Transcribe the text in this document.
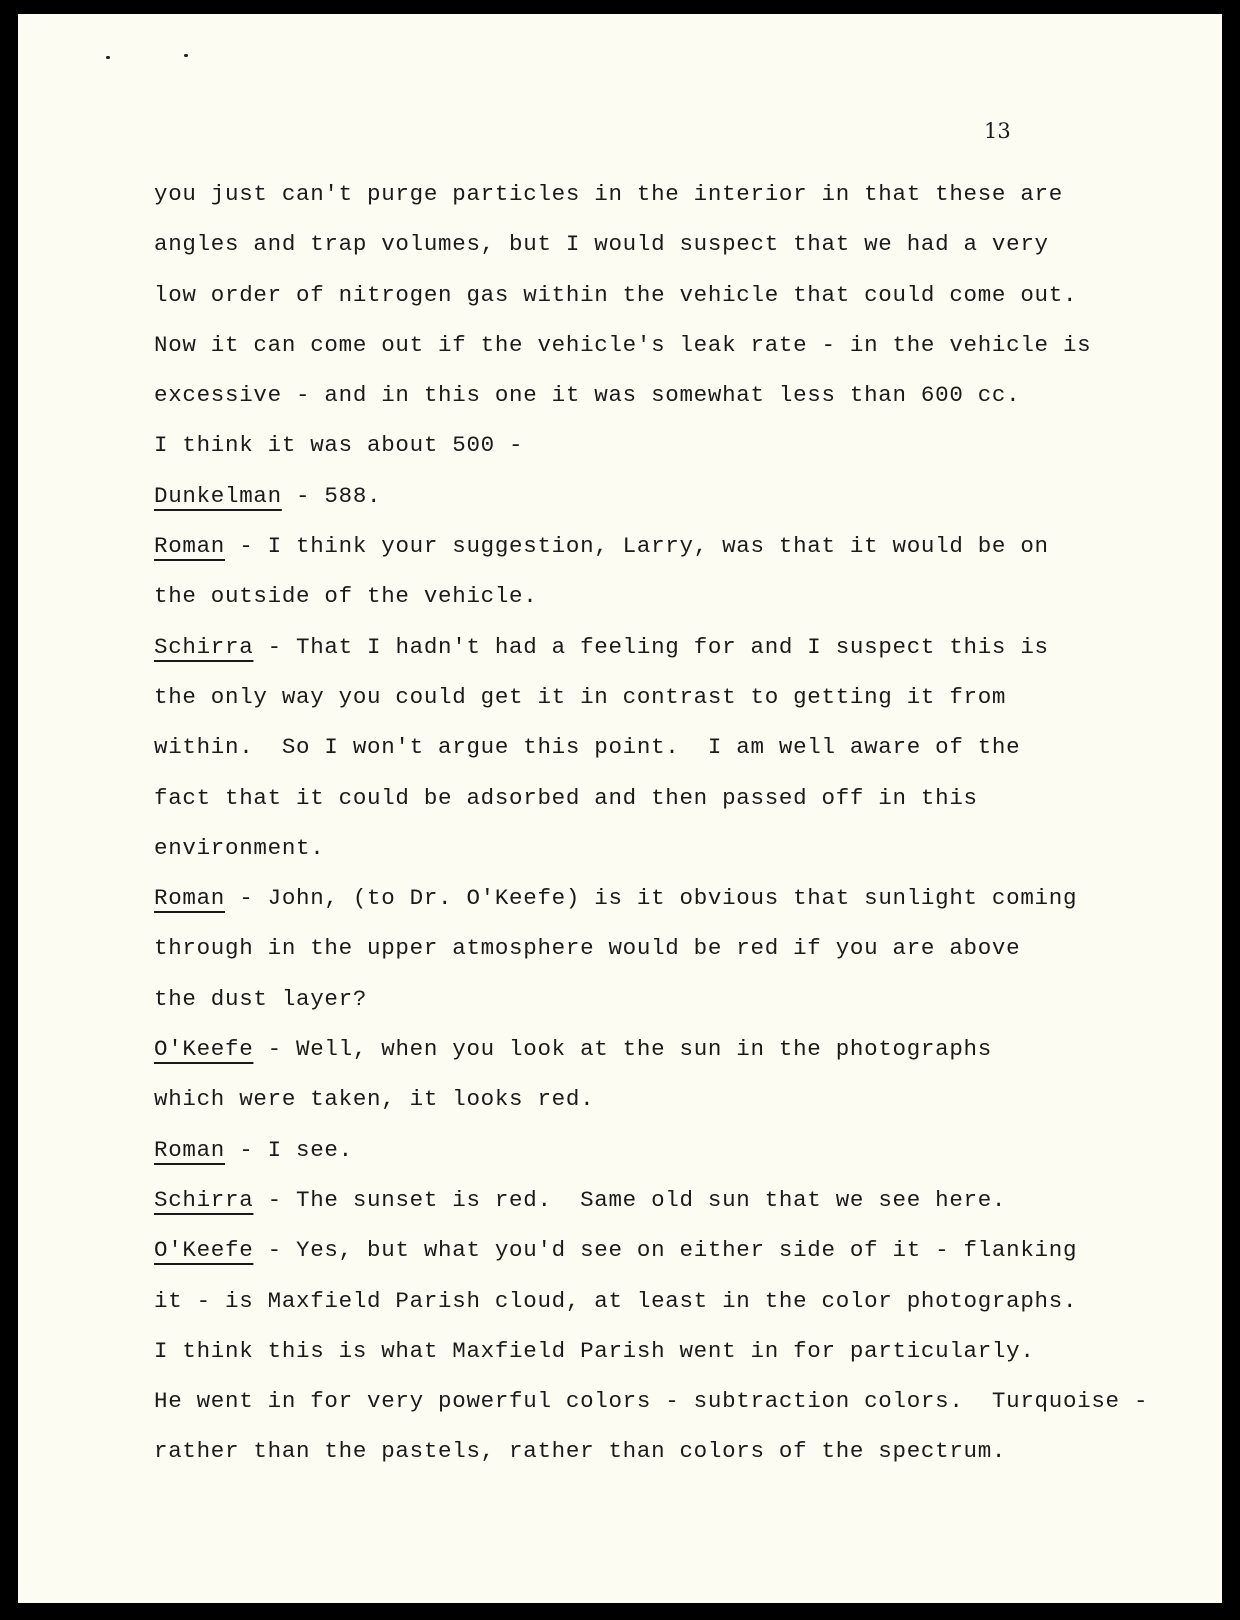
13

you just can't purge particles in the interior in that these are
angles and trap volumes, but I would suspect that we had a very
low order of nitrogen gas within the vehicle that could come out.
Now it can come out if the vehicle's leak rate - in the vehicle is
excessive - and in this one it was somewhat less than 600 cc.
I think it was about 500 -
Dunkelman - 588.
Roman - I think your suggestion, Larry, was that it would be on
the outside of the vehicle.
Schirra - That I hadn't had a feeling for and I suspect this is
the only way you could get it in contrast to getting it from
within.  So I won't argue this point.  I am well aware of the
fact that it could be adsorbed and then passed off in this
environment.
Roman - John, (to Dr. O'Keefe) is it obvious that sunlight coming
through in the upper atmosphere would be red if you are above
the dust layer?
O'Keefe - Well, when you look at the sun in the photographs
which were taken, it looks red.
Roman - I see.
Schirra - The sunset is red.  Same old sun that we see here.
O'Keefe - Yes, but what you'd see on either side of it - flanking
it - is Maxfield Parish cloud, at least in the color photographs.
I think this is what Maxfield Parish went in for particularly.
He went in for very powerful colors - subtraction colors.  Turquoise -
rather than the pastels, rather than colors of the spectrum.
